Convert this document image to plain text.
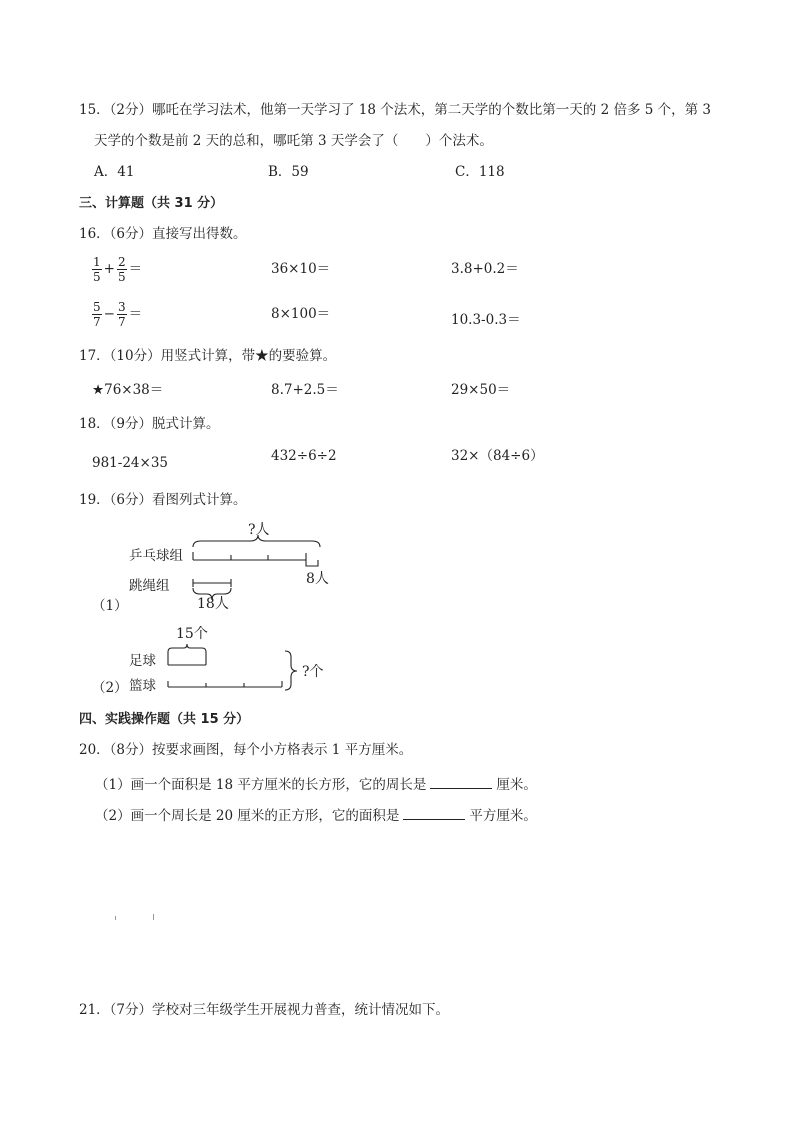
15．（2分）哪吒在学习法术，他第一天学习了 18 个法术，第二天学的个数比第一天的 2 倍多 5 个，第 3
天学的个数是前 2 天的总和，哪吒第 3 天学会了（　　）个法术。
A．41	B．59	C．118
三、计算题（共 31 分）
16．（6分）直接写出得数。
$\frac{1}{5} + \frac{2}{5}$ ＝	36×10＝	3.8+0.2＝
$\frac{5}{7} - \frac{3}{7}$ ＝	8×100＝	10.3-0.3＝
17．（10分）用竖式计算，带★的要验算。
★76×38＝	8.7+2.5＝	29×50＝
18．（9分）脱式计算。
981-24×35	432÷6÷2	32×（84÷6）
19．（6分）看图列式计算。
?人
乒乓球组
8人
跳绳组
18人
（1）
15个
足球
（2） 篮球
?个
四、实践操作题（共 15 分）
20．（8分）按要求画图，每个小方格表示 1 平方厘米。
（1）画一个面积是 18 平方厘米的长方形，它的周长是	厘米。
（2）画一个周长是 20 厘米的正方形，它的面积是	平方厘米。
21．（7分）学校对三年级学生开展视力普查，统计情况如下。
